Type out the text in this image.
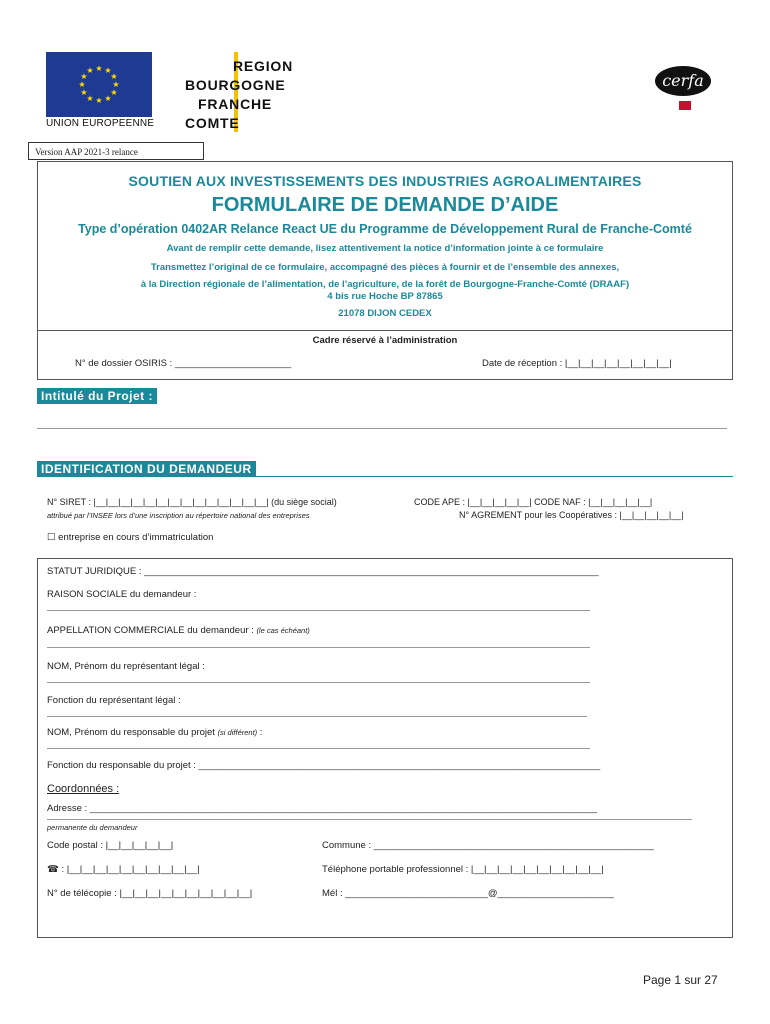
★ ★
★
★
★
★
★
★
★
★
★
★
UNION EUROPEENNE
REGION
BOURGOGNE
FRANCHE
COMTE
cerfa
Version AAP 2021-3 relance
SOUTIEN AUX INVESTISSEMENTS DES INDUSTRIES AGROALIMENTAIRES
FORMULAIRE DE DEMANDE D’AIDE
Type d’opération 0402AR Relance React UE du Programme de Développement Rural de Franche-Comté
Avant de remplir cette demande, lisez attentivement la notice d’information jointe à ce formulaire
Transmettez l’original de ce formulaire, accompagné des pièces à fournir et de l’ensemble des annexes,
à la Direction régionale de l’alimentation, de l’agriculture, de la forêt de Bourgogne-Franche-Comté (DRAAF)
4 bis rue Hoche BP 87865
21078 DIJON CEDEX
Cadre réservé à l’administration
N° de dossier OSIRIS : ______________________	Date de réception : |__|__|__|__|__|__|__|__|
Intitulé du Projet :
IDENTIFICATION DU DEMANDEUR
N° SIRET : |__|__|__|__|__|__|__|__|__|__|__|__|__|__| (du siège social)
attribué par l’INSEE lors d’une inscription au répertoire national des entreprises
CODE APE : |__|__|__|__|__| CODE NAF : |__|__|__|__|__|
N° AGREMENT pour les Coopératives : |__|__|__|__|__|
☐ entreprise en cours d’immatriculation
STATUT JURIDIQUE : ______________________________________________________________________________________
RAISON SOCIALE du demandeur :
APPELLATION COMMERCIALE du demandeur : (le cas échéant)
NOM, Prénom du représentant légal :
Fonction du représentant légal :
NOM, Prénom du responsable du projet (si différent) :
Fonction du responsable du projet : ____________________________________________________________________________
Coordonnées :
Adresse : ________________________________________________________________________________________________
permanente du demandeur
Code postal : |__|__|__|__|__|	Commune : _____________________________________________________
☎ : |__|__|__|__|__|__|__|__|__|__|	Téléphone portable professionnel : |__|__|__|__|__|__|__|__|__|__|
N° de télécopie : |__|__|__|__|__|__|__|__|__|__|	Mél : ___________________________@______________________
Page 1 sur 27
